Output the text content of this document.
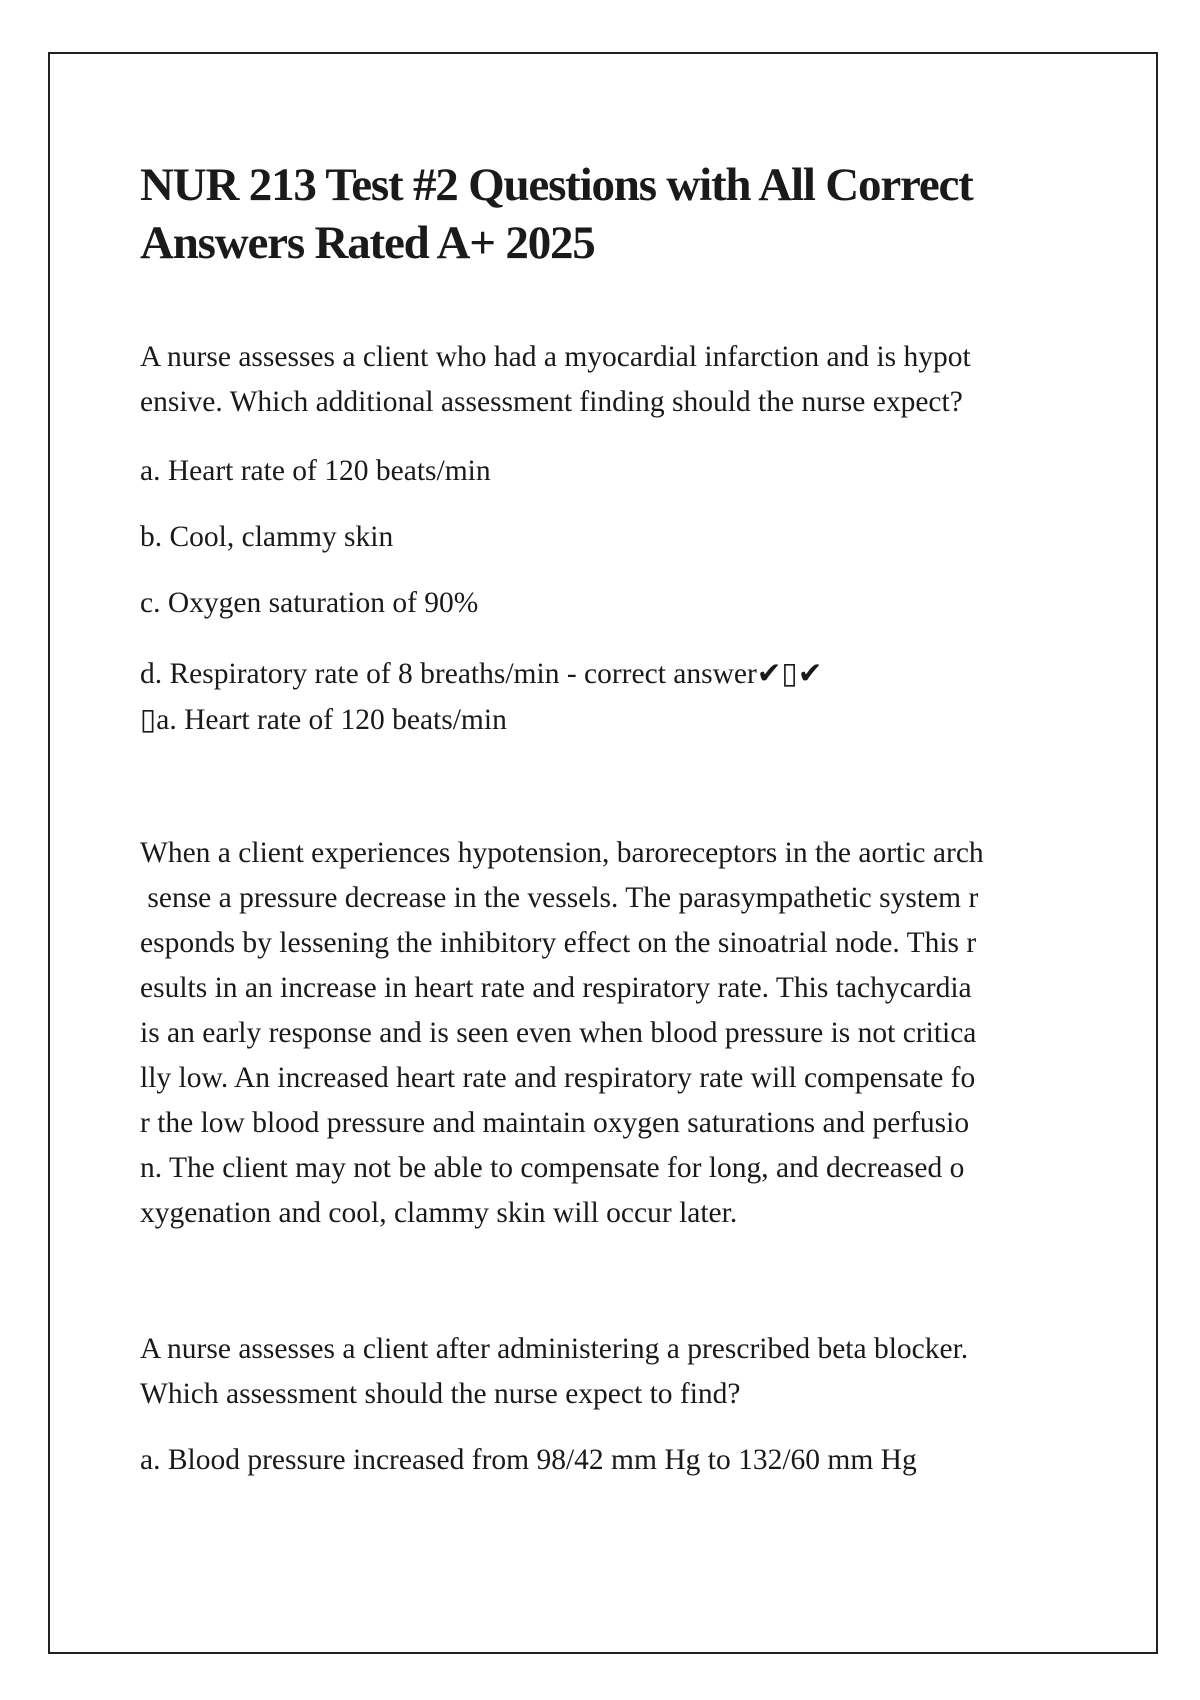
NUR 213 Test #2 Questions with All Correct
Answers Rated A+ 2025
A nurse assesses a client who had a myocardial infarction and is hypot
ensive. Which additional assessment finding should the nurse expect?
a. Heart rate of 120 beats/min
b. Cool, clammy skin
c. Oxygen saturation of 90%
d. Respiratory rate of 8 breaths/min - correct answer✔▯✔
▯a. Heart rate of 120 beats/min
When a client experiences hypotension, baroreceptors in the aortic arch
sense a pressure decrease in the vessels. The parasympathetic system r
esponds by lessening the inhibitory effect on the sinoatrial node. This r
esults in an increase in heart rate and respiratory rate. This tachycardia
is an early response and is seen even when blood pressure is not critica
lly low. An increased heart rate and respiratory rate will compensate fo
r the low blood pressure and maintain oxygen saturations and perfusio
n. The client may not be able to compensate for long, and decreased o
xygenation and cool, clammy skin will occur later.
A nurse assesses a client after administering a prescribed beta blocker.
Which assessment should the nurse expect to find?
a. Blood pressure increased from 98/42 mm Hg to 132/60 mm Hg
